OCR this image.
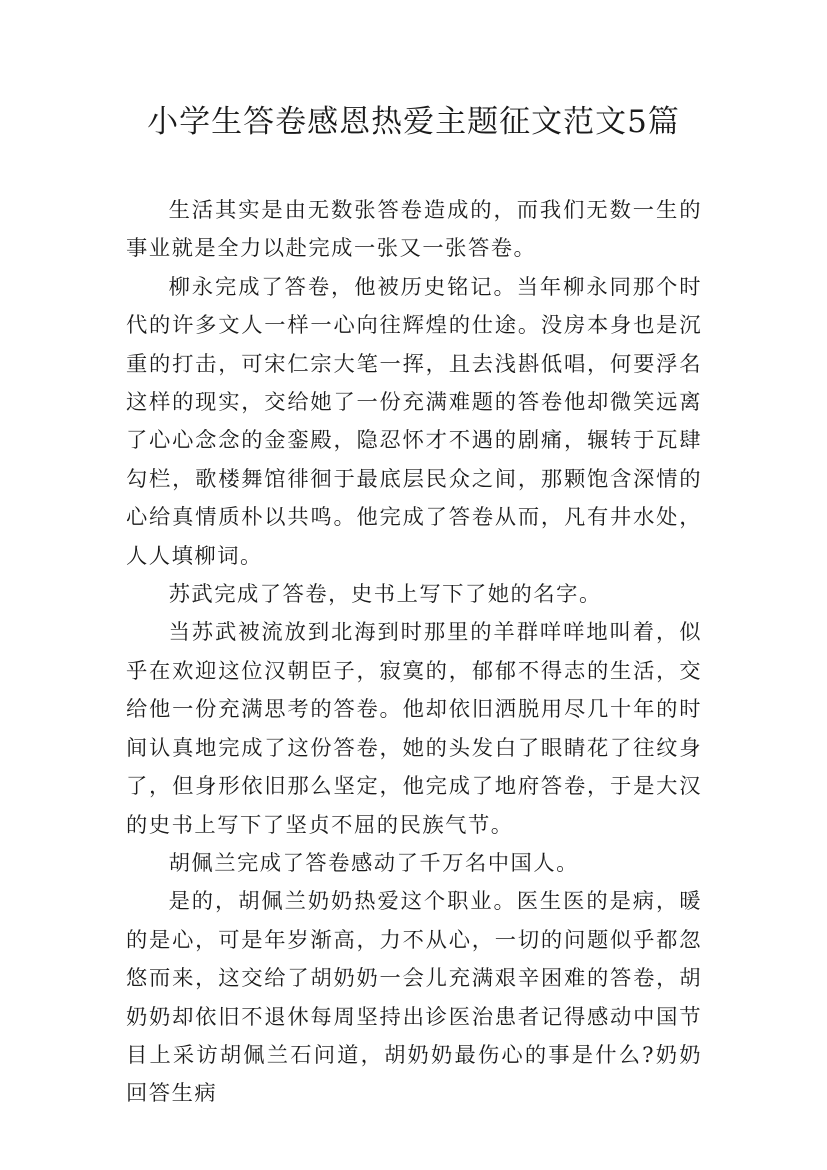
小学生答卷感恩热爱主题征文范文5篇

生活其实是由无数张答卷造成的，而我们无数一生的事业就是全力以赴完成一张又一张答卷。

柳永完成了答卷，他被历史铭记。当年柳永同那个时代的许多文人一样一心向往辉煌的仕途。没房本身也是沉重的打击，可宋仁宗大笔一挥，且去浅斟低唱，何要浮名这样的现实，交给她了一份充满难题的答卷他却微笑远离了心心念念的金銮殿，隐忍怀才不遇的剧痛，辗转于瓦肆勾栏，歌楼舞馆徘徊于最底层民众之间，那颗饱含深情的心给真情质朴以共鸣。他完成了答卷从而，凡有井水处，人人填柳词。

苏武完成了答卷，史书上写下了她的名字。

当苏武被流放到北海到时那里的羊群咩咩地叫着，似乎在欢迎这位汉朝臣子，寂寞的，郁郁不得志的生活，交给他一份充满思考的答卷。他却依旧洒脱用尽几十年的时间认真地完成了这份答卷，她的头发白了眼睛花了往纹身了，但身形依旧那么坚定，他完成了地府答卷，于是大汉的史书上写下了坚贞不屈的民族气节。

胡佩兰完成了答卷感动了千万名中国人。

是的，胡佩兰奶奶热爱这个职业。医生医的是病，暖的是心，可是年岁渐高，力不从心，一切的问题似乎都忽悠而来，这交给了胡奶奶一会儿充满艰辛困难的答卷，胡奶奶却依旧不退休每周坚持出诊医治患者记得感动中国节目上采访胡佩兰石问道，胡奶奶最伤心的事是什么?奶奶回答生病
